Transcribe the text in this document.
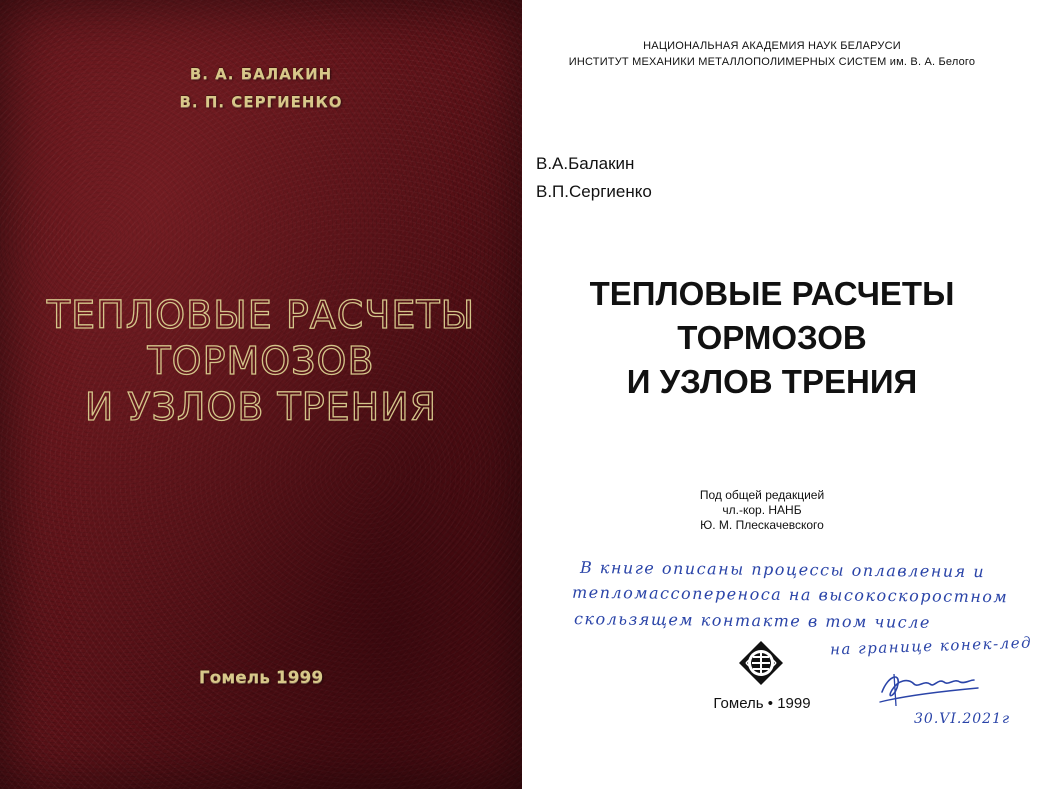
В. А. БАЛАКИН
В. П. СЕРГИЕНКО
ТЕПЛОВЫЕ РАСЧЕТЫ
ТОРМОЗОВ
И УЗЛОВ ТРЕНИЯ
Гомель 1999
НАЦИОНАЛЬНАЯ АКАДЕМИЯ НАУК БЕЛАРУСИ
ИНСТИТУТ МЕХАНИКИ МЕТАЛЛОПОЛИМЕРНЫХ СИСТЕМ им. В. А. Белого
В.А.Балакин
В.П.Сергиенко
ТЕПЛОВЫЕ РАСЧЕТЫ
ТОРМОЗОВ
И УЗЛОВ ТРЕНИЯ
Под общей редакцией
чл.-кор. НАНБ
Ю. М. Плескачевского
В книге описаны процессы оплавления и
тепломассопереноса на высокоскоростном
скользящем контакте в том числе
на границе конек-лед
Гомель • 1999
30.VI.2021г
